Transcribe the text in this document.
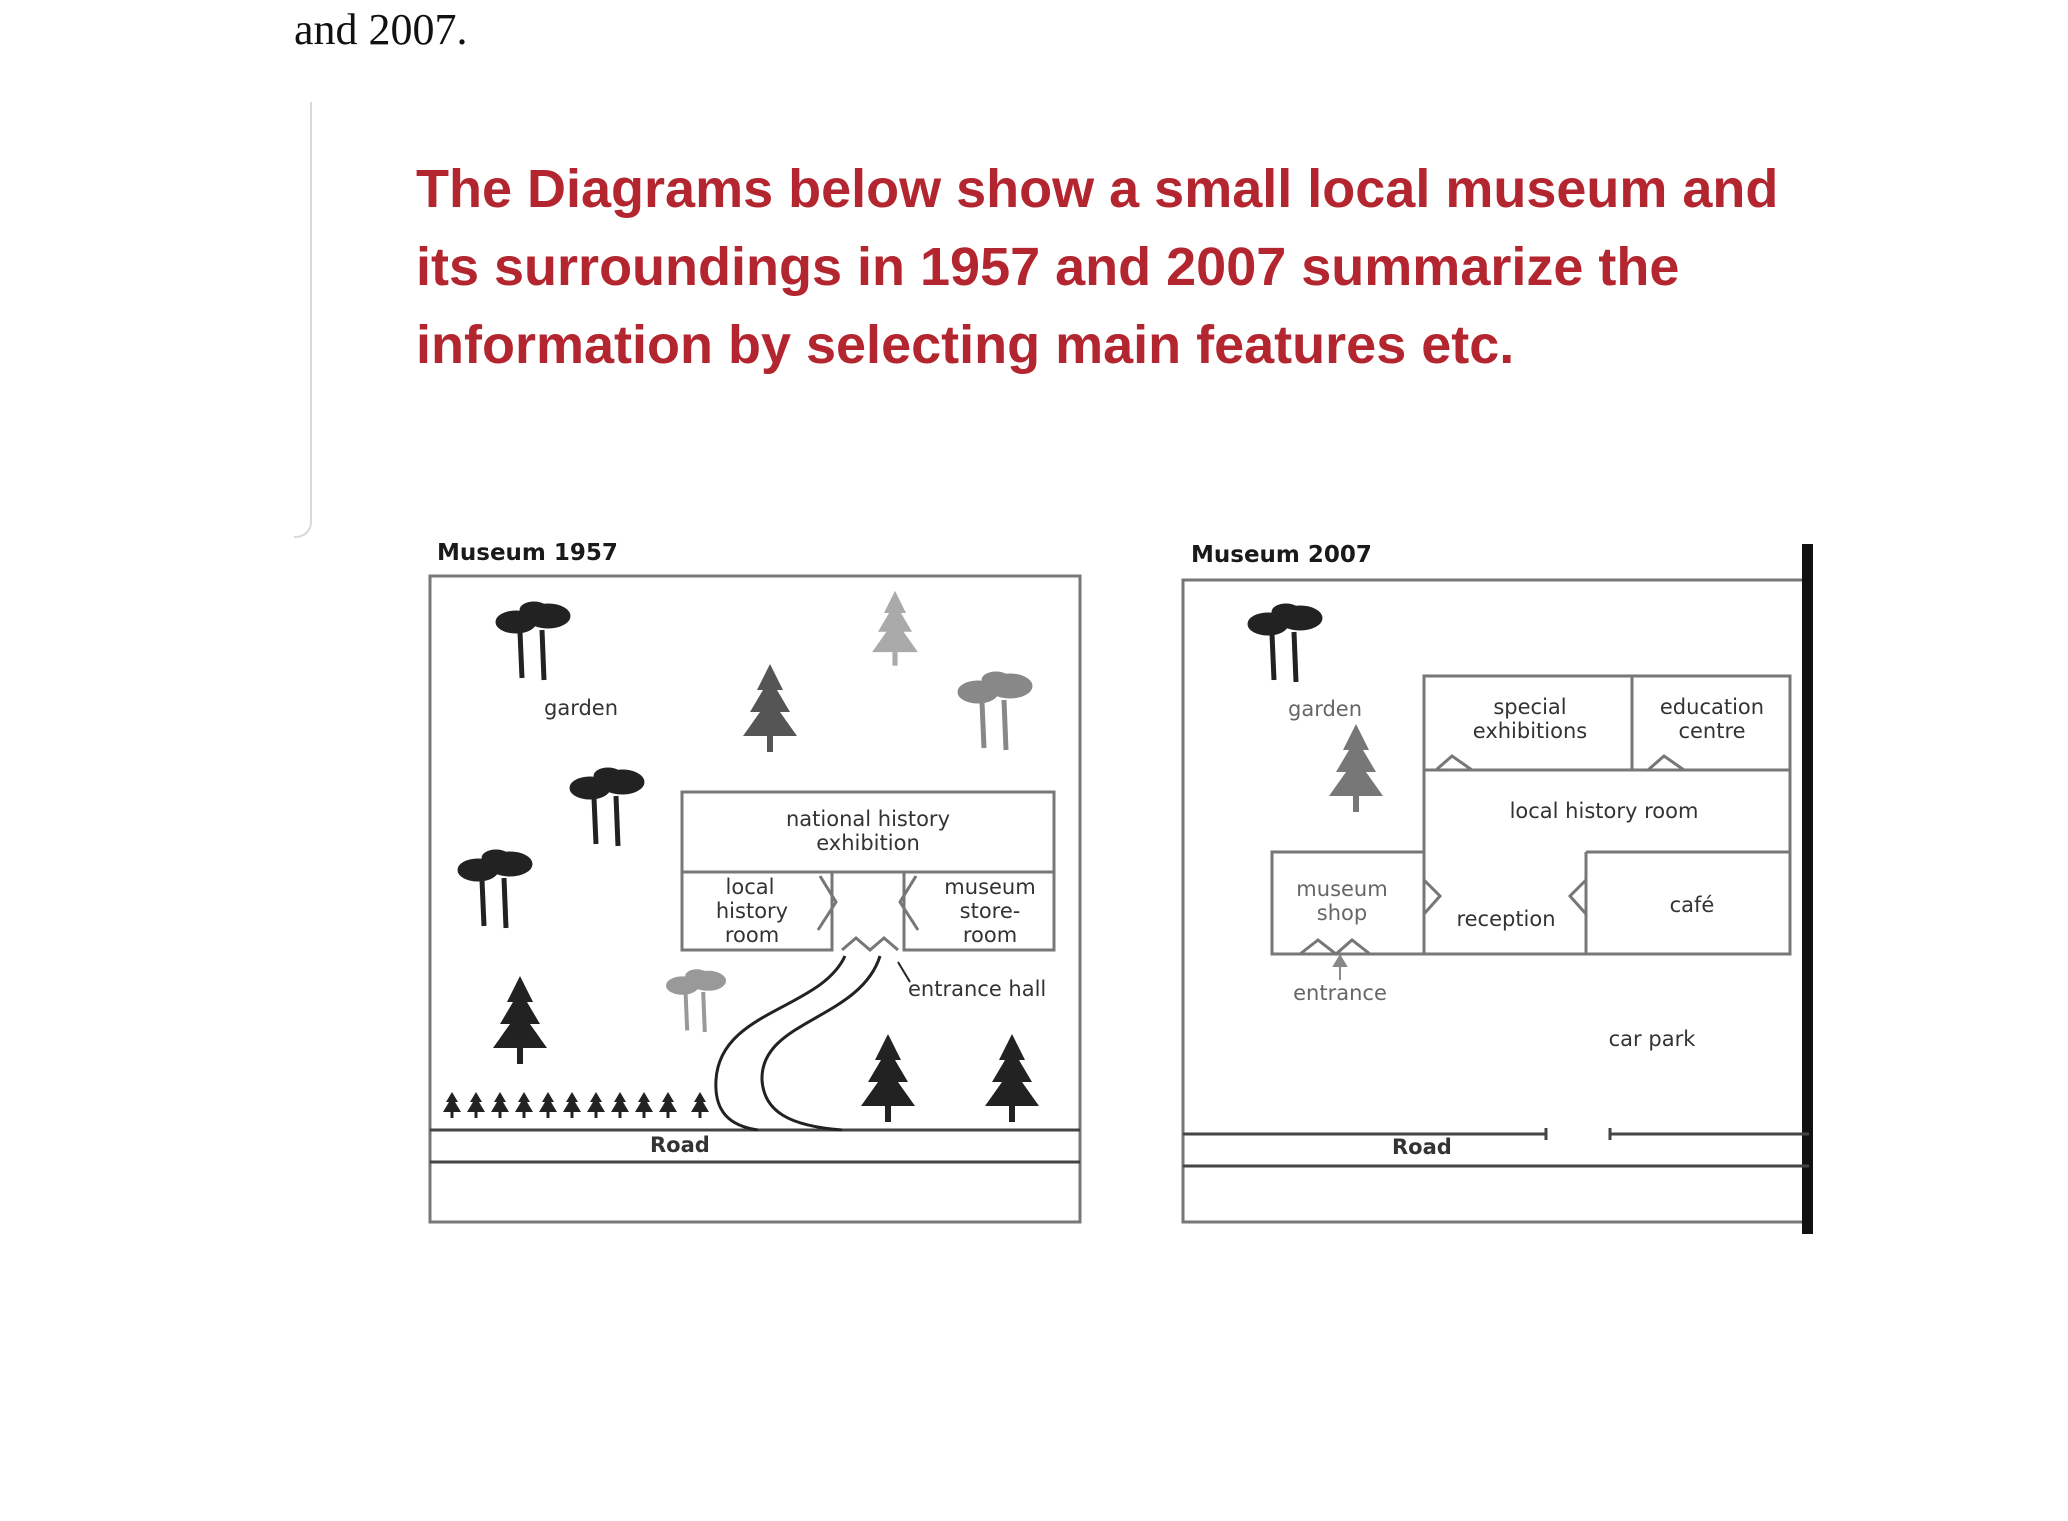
and 2007.

The Diagrams below show a small local museum and its surroundings in 1957 and 2007 summarize the information by selecting main features etc.

Museum 1957
Road
garden
national history
exhibition
local
history
room
museum
store-
room
entrance hall
Museum 2007
Road
garden	special
exhibitions
education
centre
local history room
museum
shop	reception
café
entrance
car park
